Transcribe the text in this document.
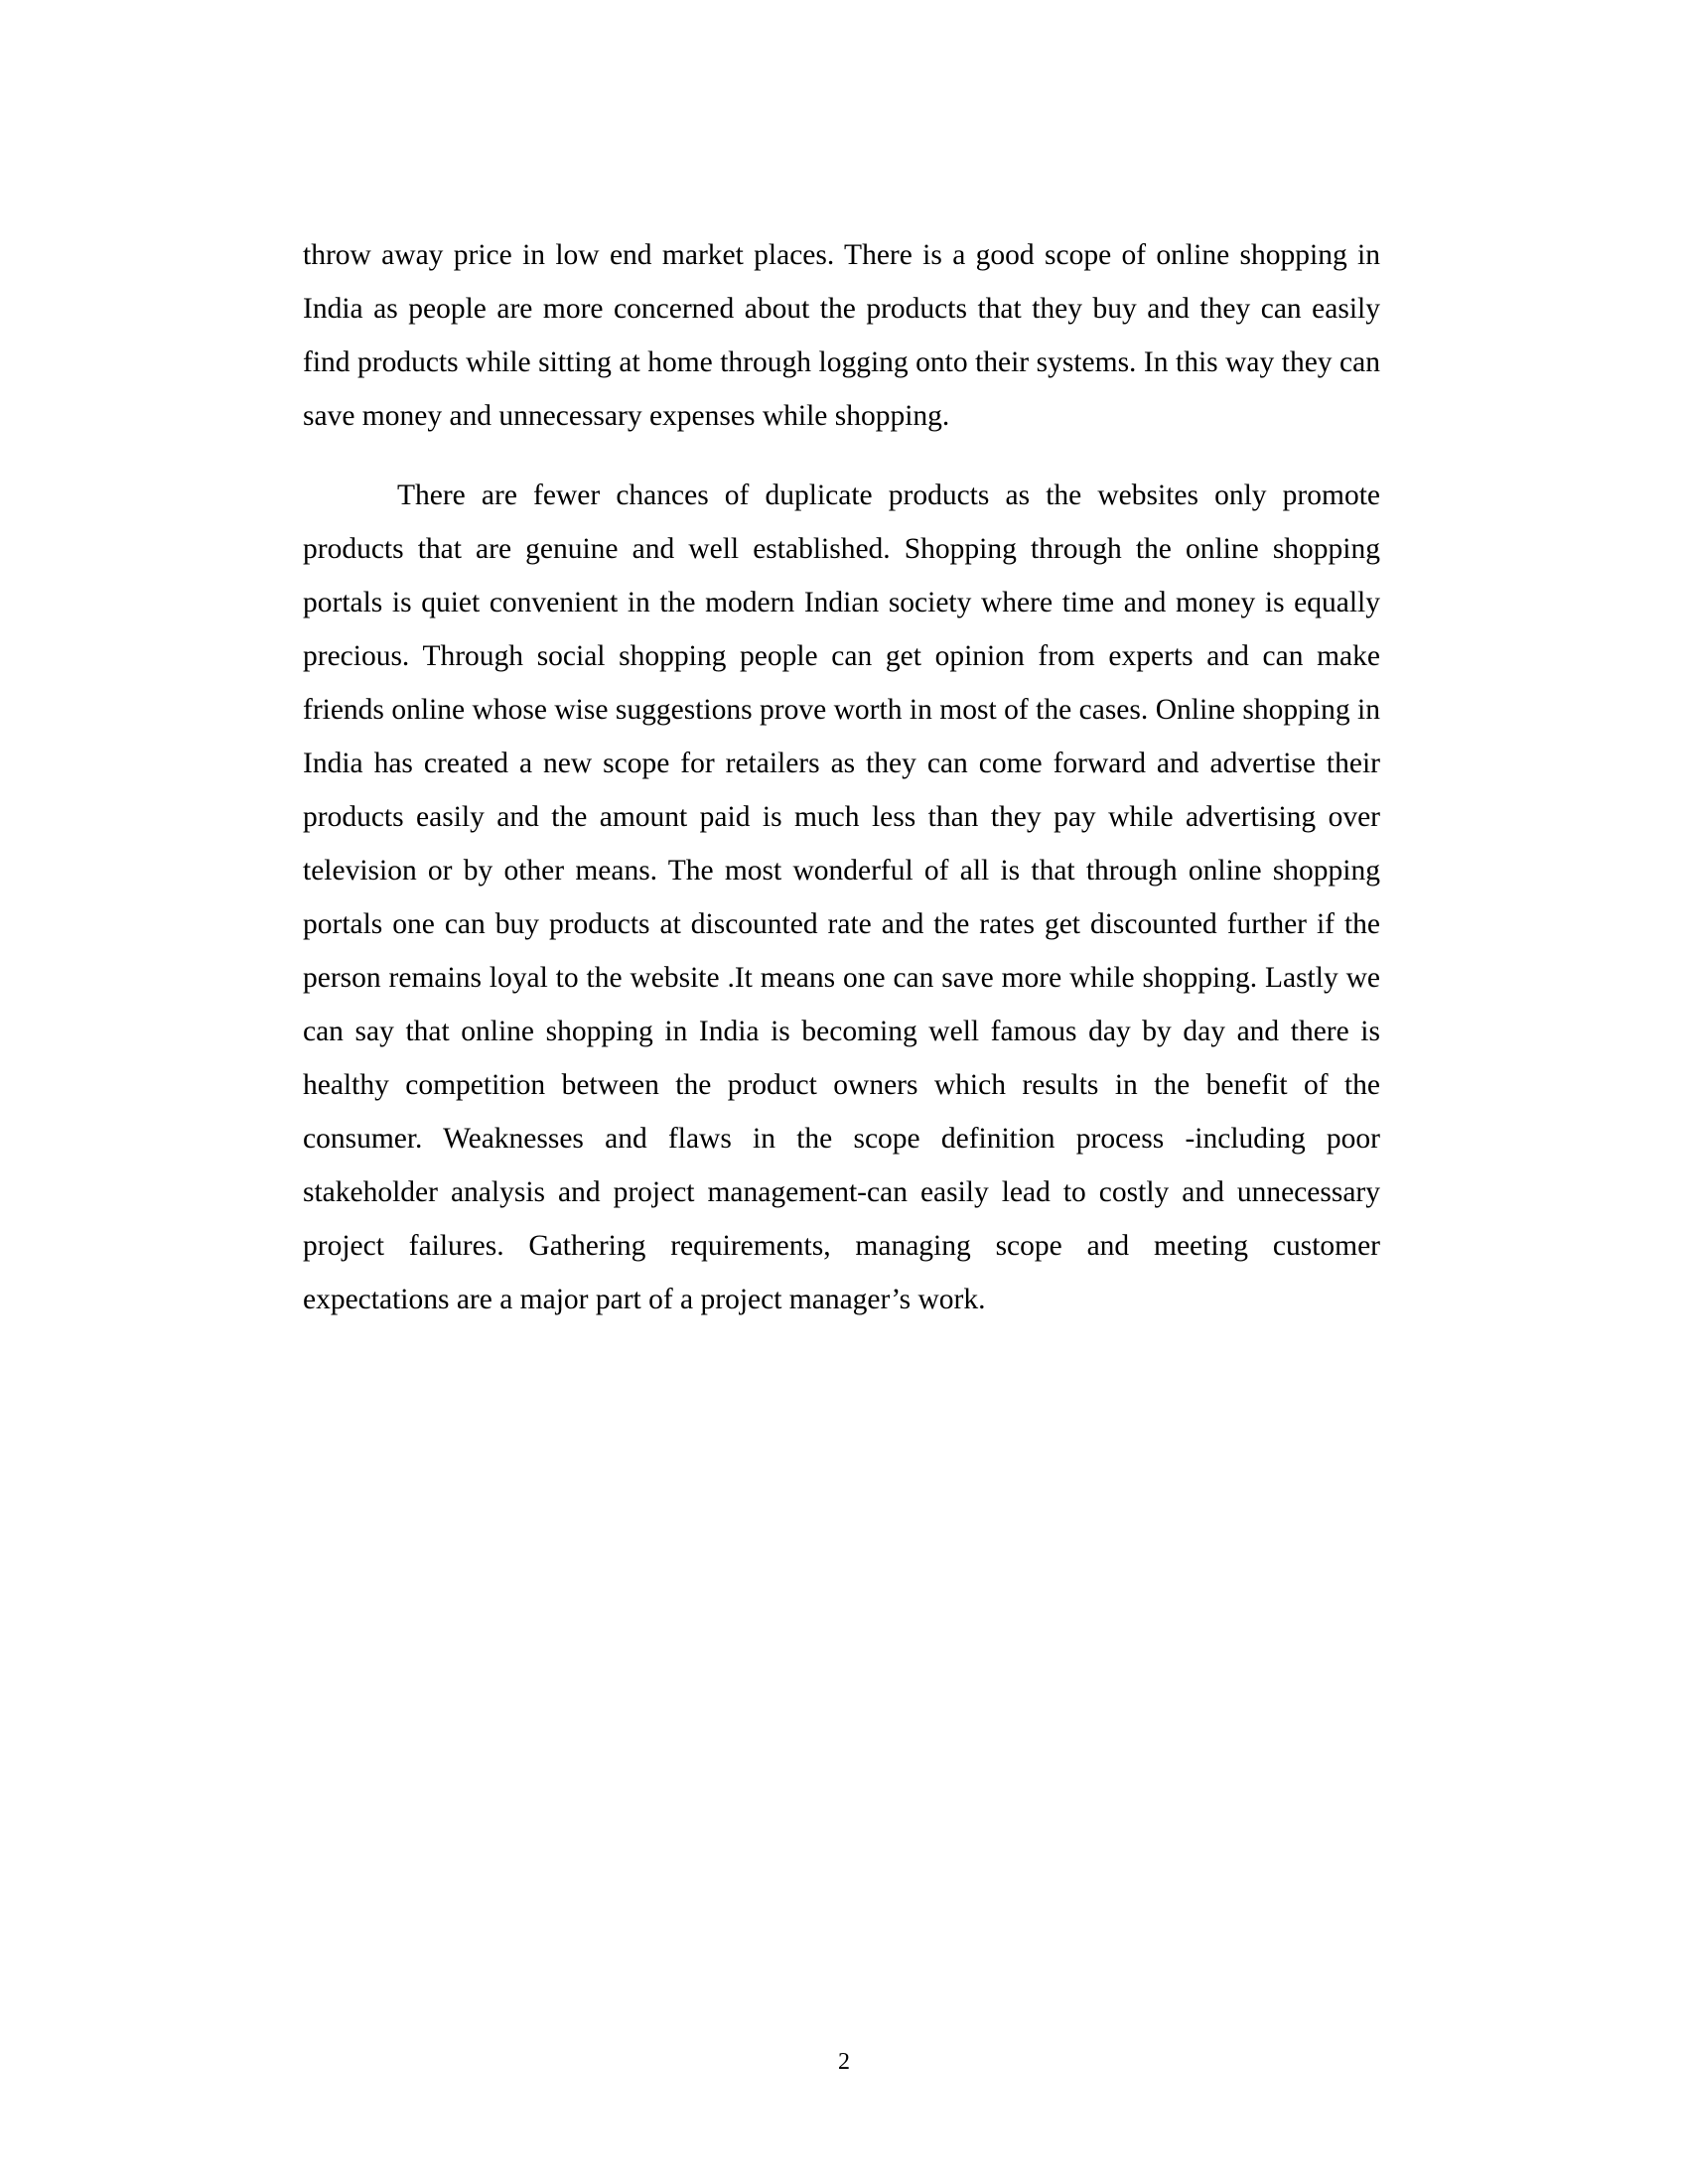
throw away price in low end market places. There is a good scope of online shopping in India as people are more concerned about the products that they buy and they can easily find products while sitting at home through logging onto their systems. In this way they can save money and unnecessary expenses while shopping.

There are fewer chances of duplicate products as the websites only promote products that are genuine and well established. Shopping through the online shopping portals is quiet convenient in the modern Indian society where time and money is equally precious. Through social shopping people can get opinion from experts and can make friends online whose wise suggestions prove worth in most of the cases. Online shopping in India has created a new scope for retailers as they can come forward and advertise their products easily and the amount paid is much less than they pay while advertising over television or by other means. The most wonderful of all is that through online shopping portals one can buy products at discounted rate and the rates get discounted further if the person remains loyal to the website .It means one can save more while shopping. Lastly we can say that online shopping in India is becoming well famous day by day and there is healthy competition between the product owners which results in the benefit of the consumer. Weaknesses and flaws in the scope definition process -including poor stakeholder analysis and project management-can easily lead to costly and unnecessary project failures. Gathering requirements, managing scope and meeting customer expectations are a major part of a project manager’s work.

2
